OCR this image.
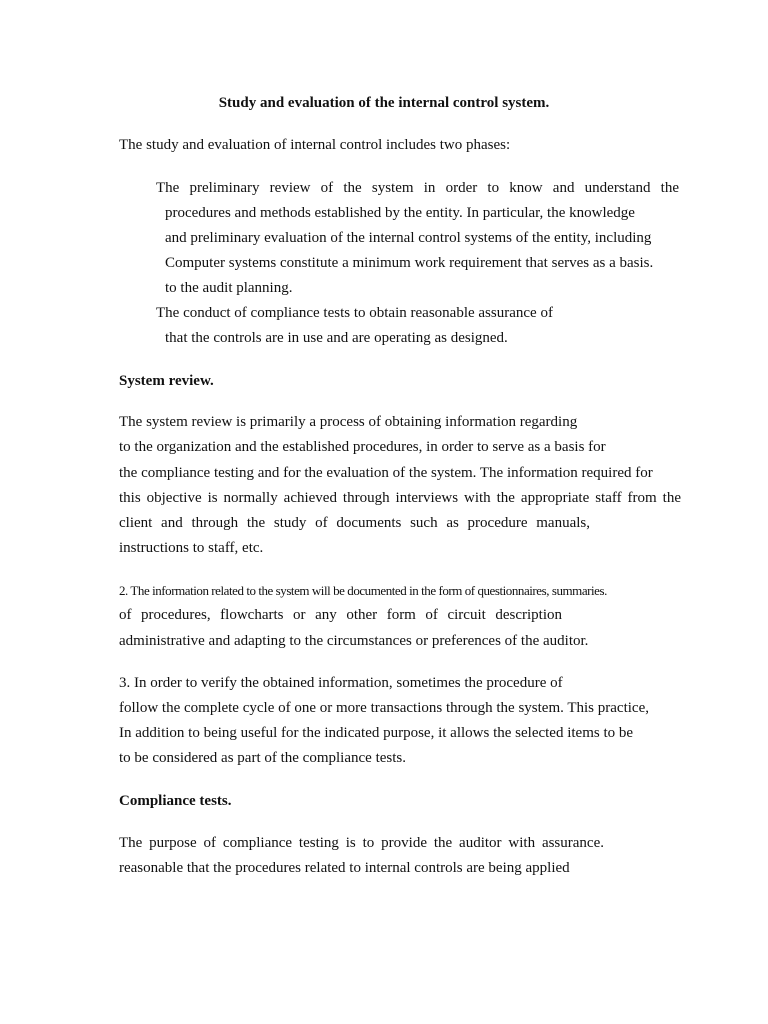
Study and evaluation of the internal control system.
The study and evaluation of internal control includes two phases:
The preliminary review of the system in order to know and understand the
procedures and methods established by the entity. In particular, the knowledge
and preliminary evaluation of the internal control systems of the entity, including
Computer systems constitute a minimum work requirement that serves as a basis.
to the audit planning.
The conduct of compliance tests to obtain reasonable assurance of
that the controls are in use and are operating as designed.
System review.
The system review is primarily a process of obtaining information regarding
to the organization and the established procedures, in order to serve as a basis for
the compliance testing and for the evaluation of the system. The information required for
this objective is normally achieved through interviews with the appropriate staff from the
client and through the study of documents such as procedure manuals,
instructions to staff, etc.
2. The information related to the system will be documented in the form of questionnaires, summaries.
of procedures, flowcharts or any other form of circuit description
administrative and adapting to the circumstances or preferences of the auditor.
3. In order to verify the obtained information, sometimes the procedure of
follow the complete cycle of one or more transactions through the system. This practice,
In addition to being useful for the indicated purpose, it allows the selected items to be
to be considered as part of the compliance tests.
Compliance tests.
The purpose of compliance testing is to provide the auditor with assurance.
reasonable that the procedures related to internal controls are being applied
